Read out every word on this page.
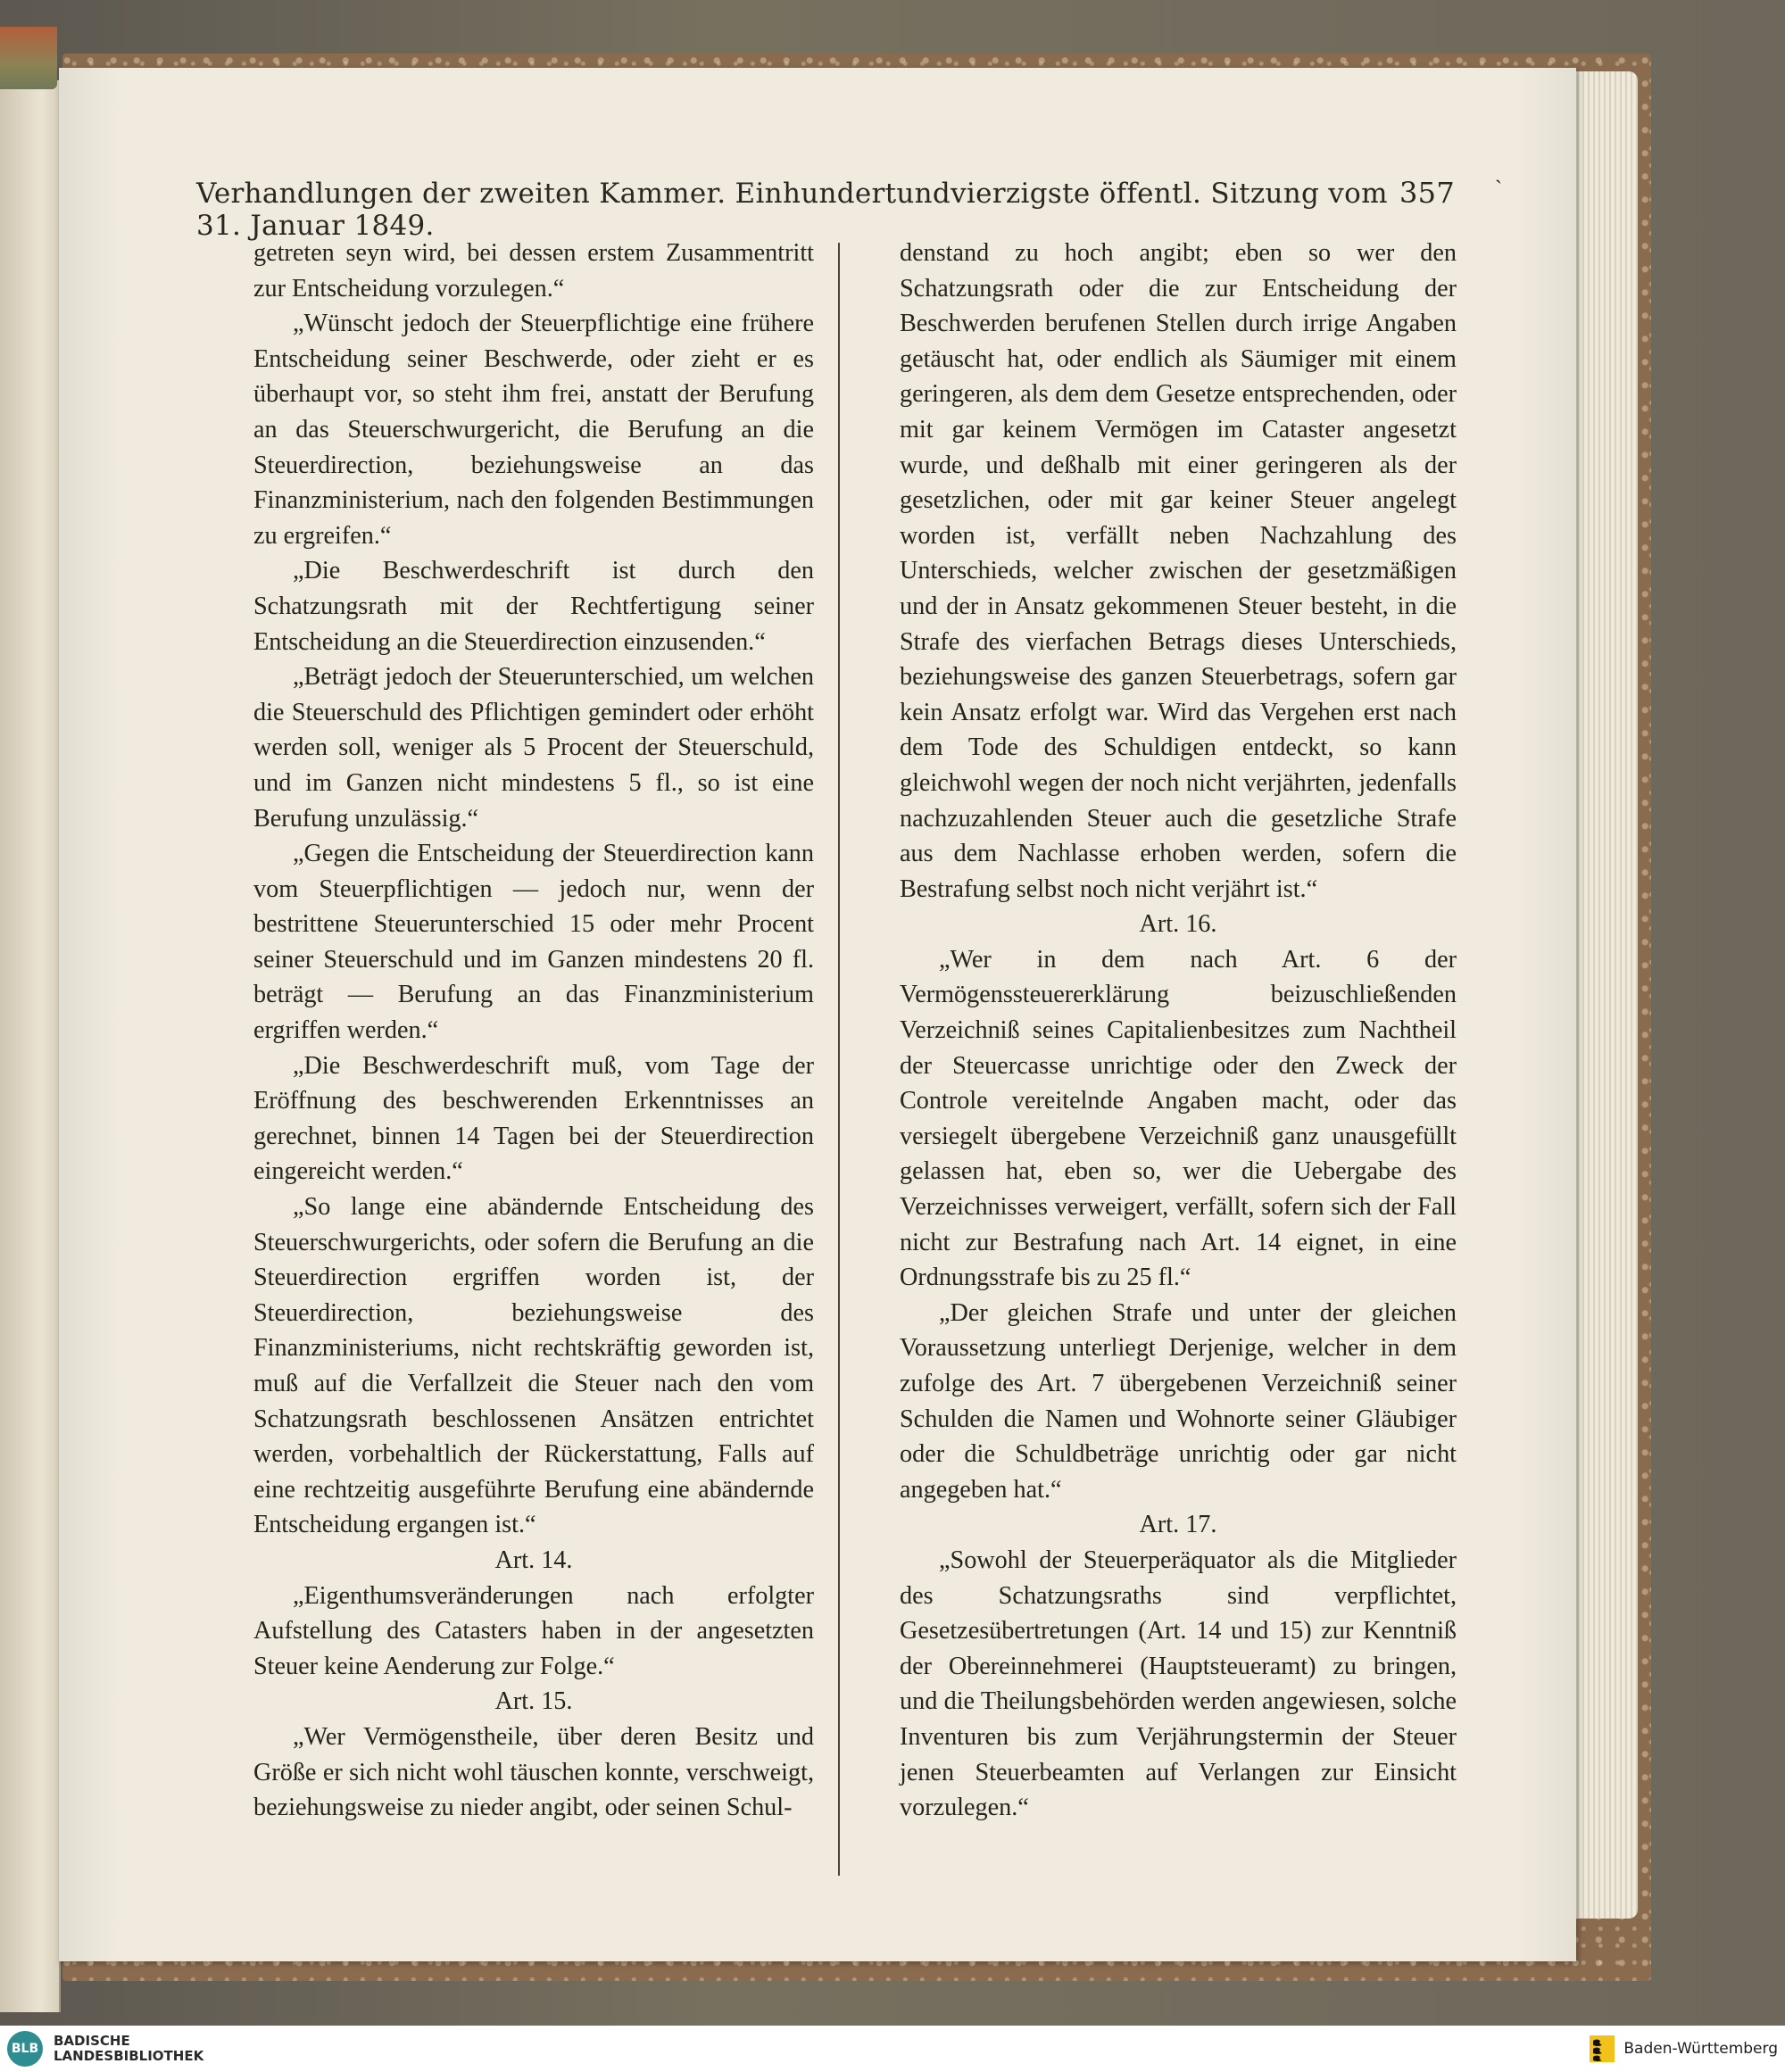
Verhandlungen der zweiten Kammer. Einhundertundvierzigste öffentl. Sitzung vom 31. Januar 1849.
357 ˴

getreten seyn wird, bei dessen erstem Zusammentritt zur Entscheidung vorzulegen.“

„Wünscht jedoch der Steuerpflichtige eine frühere Entscheidung seiner Beschwerde, oder zieht er es überhaupt vor, so steht ihm frei, anstatt der Berufung an das Steuerschwurgericht, die Berufung an die Steuerdirection, beziehungsweise an das Finanzministerium, nach den folgenden Bestimmungen zu ergreifen.“

„Die Beschwerdeschrift ist durch den Schatzungsrath mit der Rechtfertigung seiner Entscheidung an die Steuerdirection einzusenden.“

„Beträgt jedoch der Steuerunterschied, um welchen die Steuerschuld des Pflichtigen gemindert oder erhöht werden soll, weniger als 5 Procent der Steuerschuld, und im Ganzen nicht mindestens 5 fl., so ist eine Berufung unzulässig.“

„Gegen die Entscheidung der Steuerdirection kann vom Steuerpflichtigen — jedoch nur, wenn der bestrittene Steuerunterschied 15 oder mehr Procent seiner Steuerschuld und im Ganzen mindestens 20 fl. beträgt — Berufung an das Finanzministerium ergriffen werden.“

„Die Beschwerdeschrift muß, vom Tage der Eröffnung des beschwerenden Erkenntnisses an gerechnet, binnen 14 Tagen bei der Steuerdirection eingereicht werden.“

„So lange eine abändernde Entscheidung des Steuerschwurgerichts, oder sofern die Berufung an die Steuerdirection ergriffen worden ist, der Steuerdirection, beziehungsweise des Finanzministeriums, nicht rechtskräftig geworden ist, muß auf die Verfallzeit die Steuer nach den vom Schatzungsrath beschlossenen Ansätzen entrichtet werden, vorbehaltlich der Rückerstattung, Falls auf eine rechtzeitig ausgeführte Berufung eine abändernde Entscheidung ergangen ist.“

Art. 14.

„Eigenthumsveränderungen nach erfolgter Aufstellung des Catasters haben in der angesetzten Steuer keine Aenderung zur Folge.“

Art. 15.

„Wer Vermögenstheile, über deren Besitz und Größe er sich nicht wohl täuschen konnte, verschweigt, beziehungsweise zu nieder angibt, oder seinen Schul-

denstand zu hoch angibt; eben so wer den Schatzungsrath oder die zur Entscheidung der Beschwerden berufenen Stellen durch irrige Angaben getäuscht hat, oder endlich als Säumiger mit einem geringeren, als dem dem Gesetze entsprechenden, oder mit gar keinem Vermögen im Cataster angesetzt wurde, und deßhalb mit einer geringeren als der gesetzlichen, oder mit gar keiner Steuer angelegt worden ist, verfällt neben Nachzahlung des Unterschieds, welcher zwischen der gesetzmäßigen und der in Ansatz gekommenen Steuer besteht, in die Strafe des vierfachen Betrags dieses Unterschieds, beziehungsweise des ganzen Steuerbetrags, sofern gar kein Ansatz erfolgt war. Wird das Vergehen erst nach dem Tode des Schuldigen entdeckt, so kann gleichwohl wegen der noch nicht verjährten, jedenfalls nachzuzahlenden Steuer auch die gesetzliche Strafe aus dem Nachlasse erhoben werden, sofern die Bestrafung selbst noch nicht verjährt ist.“

Art. 16.

„Wer in dem nach Art. 6 der Vermögenssteuererklärung beizuschließenden Verzeichniß seines Capitalienbesitzes zum Nachtheil der Steuercasse unrichtige oder den Zweck der Controle vereitelnde Angaben macht, oder das versiegelt übergebene Verzeichniß ganz unausgefüllt gelassen hat, eben so, wer die Uebergabe des Verzeichnisses verweigert, verfällt, sofern sich der Fall nicht zur Bestrafung nach Art. 14 eignet, in eine Ordnungsstrafe bis zu 25 fl.“

„Der gleichen Strafe und unter der gleichen Voraussetzung unterliegt Derjenige, welcher in dem zufolge des Art. 7 übergebenen Verzeichniß seiner Schulden die Namen und Wohnorte seiner Gläubiger oder die Schuldbeträge unrichtig oder gar nicht angegeben hat.“

Art. 17.

„Sowohl der Steuerperäquator als die Mitglieder des Schatzungsraths sind verpflichtet, Gesetzesübertretungen (Art. 14 und 15) zur Kenntniß der Obereinnehmerei (Hauptsteueramt) zu bringen, und die Theilungsbehörden werden angewiesen, solche Inventuren bis zum Verjährungstermin der Steuer jenen Steuerbeamten auf Verlangen zur Einsicht vorzulegen.“

BLB	BADISCHE
LANDESBIBLIOTHEK	Baden-Württemberg
